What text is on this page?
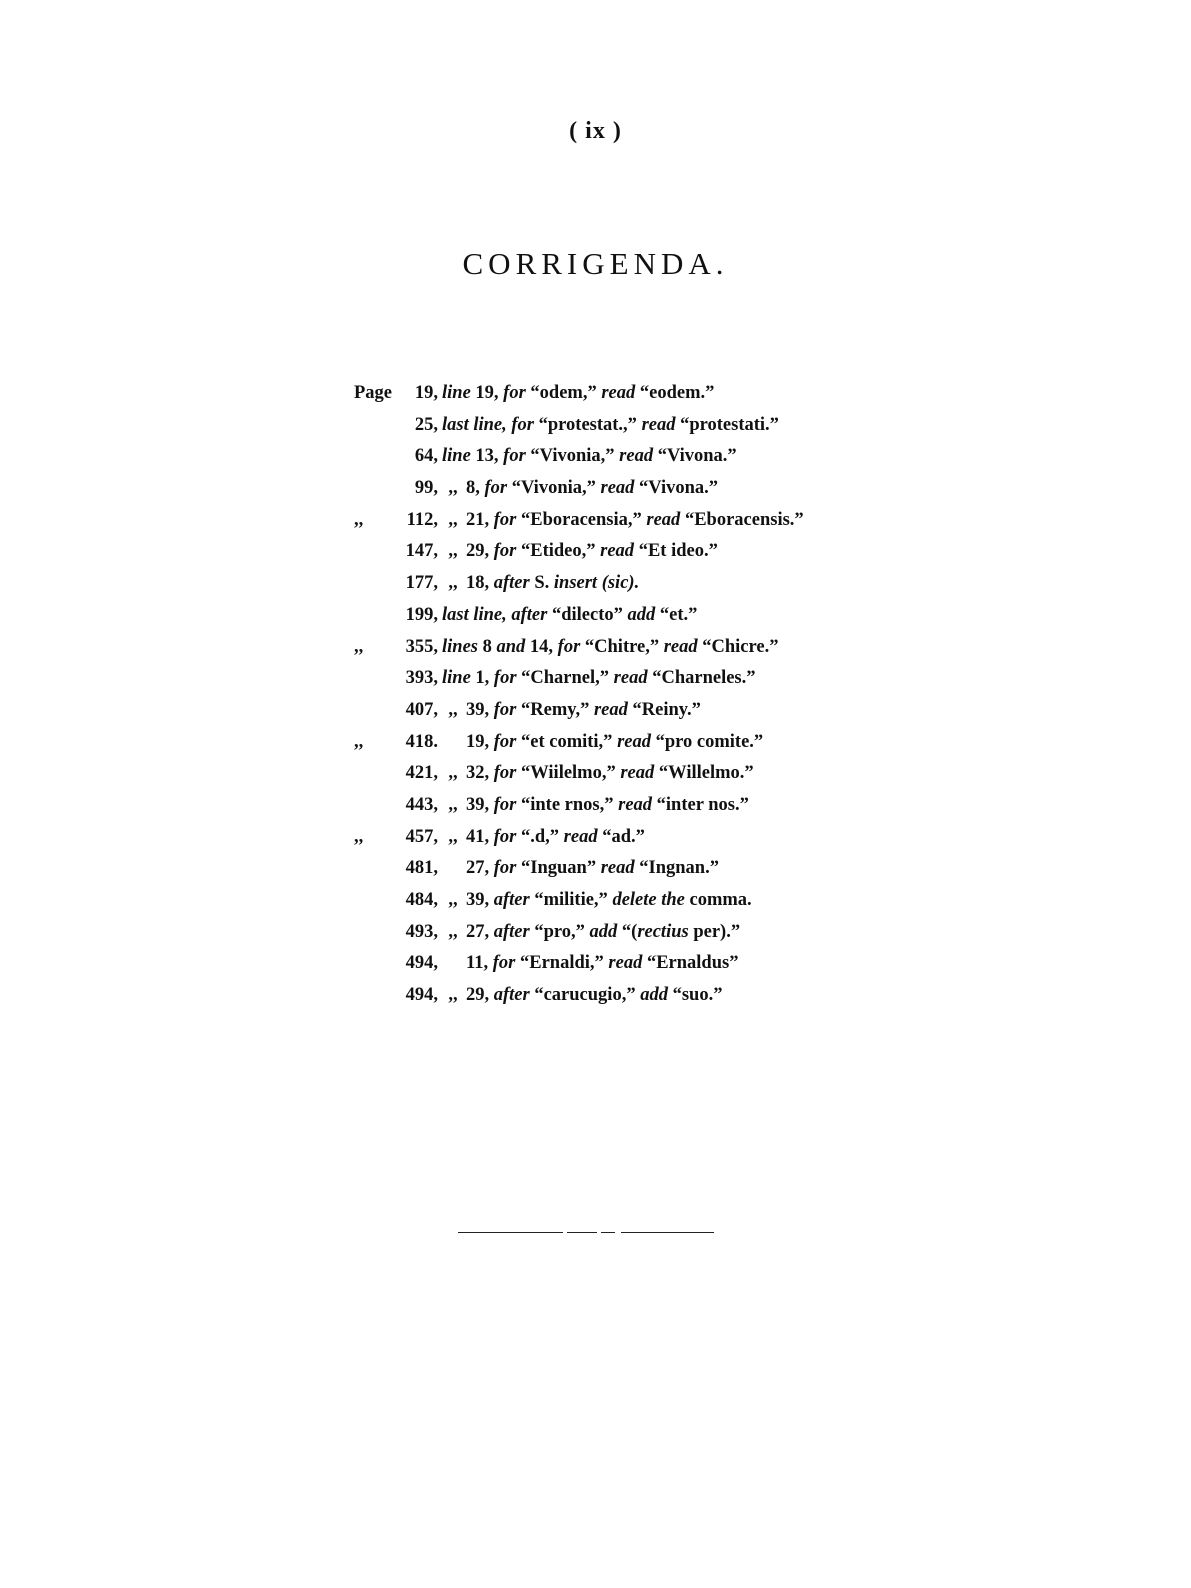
( ix )
CORRIGENDA.
Page	19, line 19, for “odem,” read “eodem.”
25, last line, for “protestat.,” read “protestati.”
64, line 13, for “Vivonia,” read “Vivona.”
99, ,, 8, for “Vivonia,” read “Vivona.”
,,	112, ,, 21, for “Eboracensia,” read “Eboracensis.”
147, ,, 29, for “Etideo,” read “Et ideo.”
177, ,, 18, after S. insert (sic).
199, last line, after “dilecto” add “et.”
,,	355, lines 8 and 14, for “Chitre,” read “Chicre.”
393, line 1, for “Charnel,” read “Charneles.”
407, ,, 39, for “Remy,” read “Reiny.”
,,	418. 19, for “et comiti,” read “pro comite.”
421, ,, 32, for “Wiilelmo,” read “Willelmo.”
443, ,, 39, for “inte rnos,” read “inter nos.”
,,	457, ,, 41, for “.d,” read “ad.”
481, 27, for “Inguan” read “Ingnan.”
484, ,, 39, after “militie,” delete the comma.
493, ,, 27, after “pro,” add “(rectius per).”
494, 11, for “Ernaldi,” read “Ernaldus”
494, ,, 29, after “carucugio,” add “suo.”
